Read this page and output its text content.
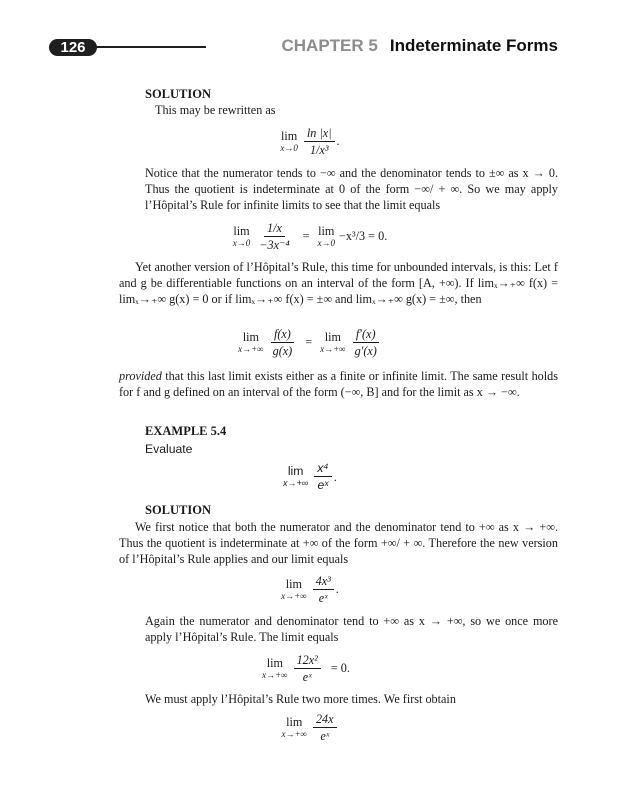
126	CHAPTER 5 Indeterminate Forms
SOLUTION
This may be rewritten as
lim
$x\to 0 \frac{\ln |x|}{\text{1/x³}}$ .
Notice that the numerator tends to −∞ and the denominator tends to ±∞ as x → 0. Thus the quotient is indeterminate at 0 of the form −∞/ + ∞. So we may apply l’Hôpital’s Rule for infinite limits to see that the limit equals
lim
$x\to 0 \frac{1/x}{\text{−3x⁻⁴}} = \lim$
x→0 −x³/3 = 0.
Yet another version of l’Hôpital’s Rule, this time for unbounded intervals, is this: Let f and g be differentiable functions on an interval of the form [A, +∞). If limₓ→₊∞ f(x) = limₓ→₊∞ g(x) = 0 or if limₓ→₊∞ f(x) = ±∞ and limₓ→₊∞ g(x) = ±∞, then
lim
$x\to+\infty \frac{f(x)}{g(x)} = \lim$
$x\to+\infty \frac{f'(x)}{g'(x)}$
provided that this last limit exists either as a finite or infinite limit. The same result holds for f and g defined on an interval of the form (−∞, B] and for the limit as x → −∞.
EXAMPLE 5.4
Evaluate
lim
$x\to+\infty \frac{\text{x⁴}}{\text{eˣ}}$ .
SOLUTION
We first notice that both the numerator and the denominator tend to +∞ as x → +∞. Thus the quotient is indeterminate at +∞ of the form +∞/ + ∞. Therefore the new version of l’Hôpital’s Rule applies and our limit equals
lim
$x\to+\infty \frac{\text{4x³}}{\text{eˣ}}$ .
Again the numerator and denominator tend to +∞ as x → +∞, so we once more apply l’Hôpital’s Rule. The limit equals
lim
$x\to+\infty \frac{\text{12x²}}{\text{eˣ}} = 0$.
We must apply l’Hôpital’s Rule two more times. We first obtain
lim
$x\to+\infty \frac{24x}{\text{eˣ}}$
